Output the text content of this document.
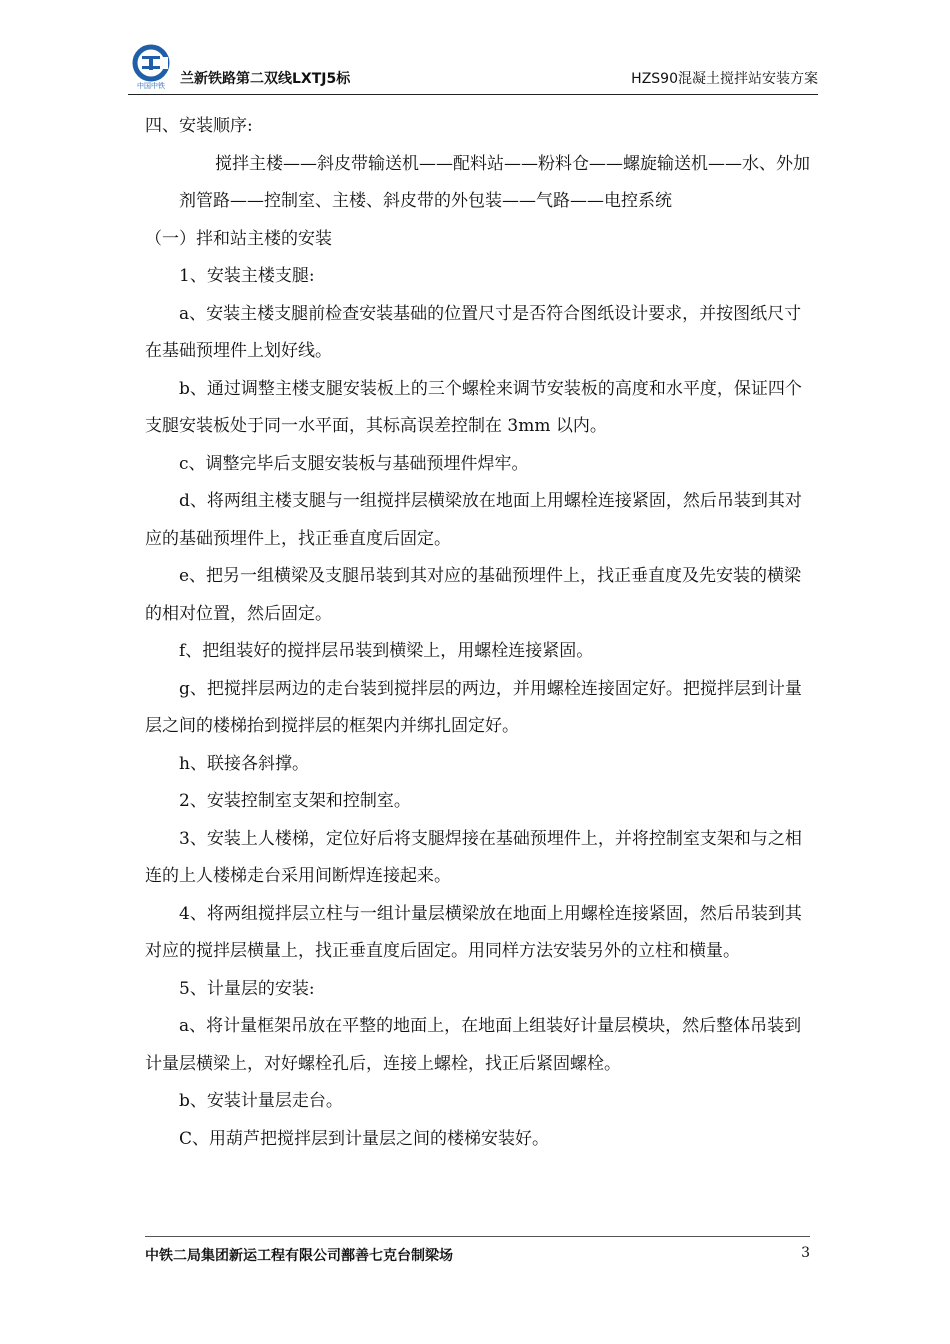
中国中铁 兰新铁路第二双线LXTJ5标	HZS90混凝土搅拌站安装方案

四、安装顺序:

搅拌主楼——斜皮带输送机——配料站——粉料仓——螺旋输送机——水、外加剂管路——控制室、主楼、斜皮带的外包装——气路——电控系统

（一）拌和站主楼的安装

1、安装主楼支腿:

a、安装主楼支腿前检查安装基础的位置尺寸是否符合图纸设计要求，并按图纸尺寸在基础预埋件上划好线。

b、通过调整主楼支腿安装板上的三个螺栓来调节安装板的高度和水平度，保证四个支腿安装板处于同一水平面，其标高误差控制在 3mm 以内。

c、调整完毕后支腿安装板与基础预埋件焊牢。

d、将两组主楼支腿与一组搅拌层横梁放在地面上用螺栓连接紧固，然后吊装到其对应的基础预埋件上，找正垂直度后固定。

e、把另一组横梁及支腿吊装到其对应的基础预埋件上，找正垂直度及先安装的横梁的相对位置，然后固定。

f、把组装好的搅拌层吊装到横梁上，用螺栓连接紧固。

g、把搅拌层两边的走台装到搅拌层的两边，并用螺栓连接固定好。把搅拌层到计量层之间的楼梯抬到搅拌层的框架内并绑扎固定好。

h、联接各斜撑。

2、安装控制室支架和控制室。

3、安装上人楼梯，定位好后将支腿焊接在基础预埋件上，并将控制室支架和与之相连的上人楼梯走台采用间断焊连接起来。

4、将两组搅拌层立柱与一组计量层横梁放在地面上用螺栓连接紧固，然后吊装到其对应的搅拌层横量上，找正垂直度后固定。用同样方法安装另外的立柱和横量。

5、计量层的安装:

a、将计量框架吊放在平整的地面上，在地面上组装好计量层模块，然后整体吊装到计量层横梁上，对好螺栓孔后，连接上螺栓，找正后紧固螺栓。

b、安装计量层走台。

C、用葫芦把搅拌层到计量层之间的楼梯安装好。

中铁二局集团新运工程有限公司鄯善七克台制梁场	3
